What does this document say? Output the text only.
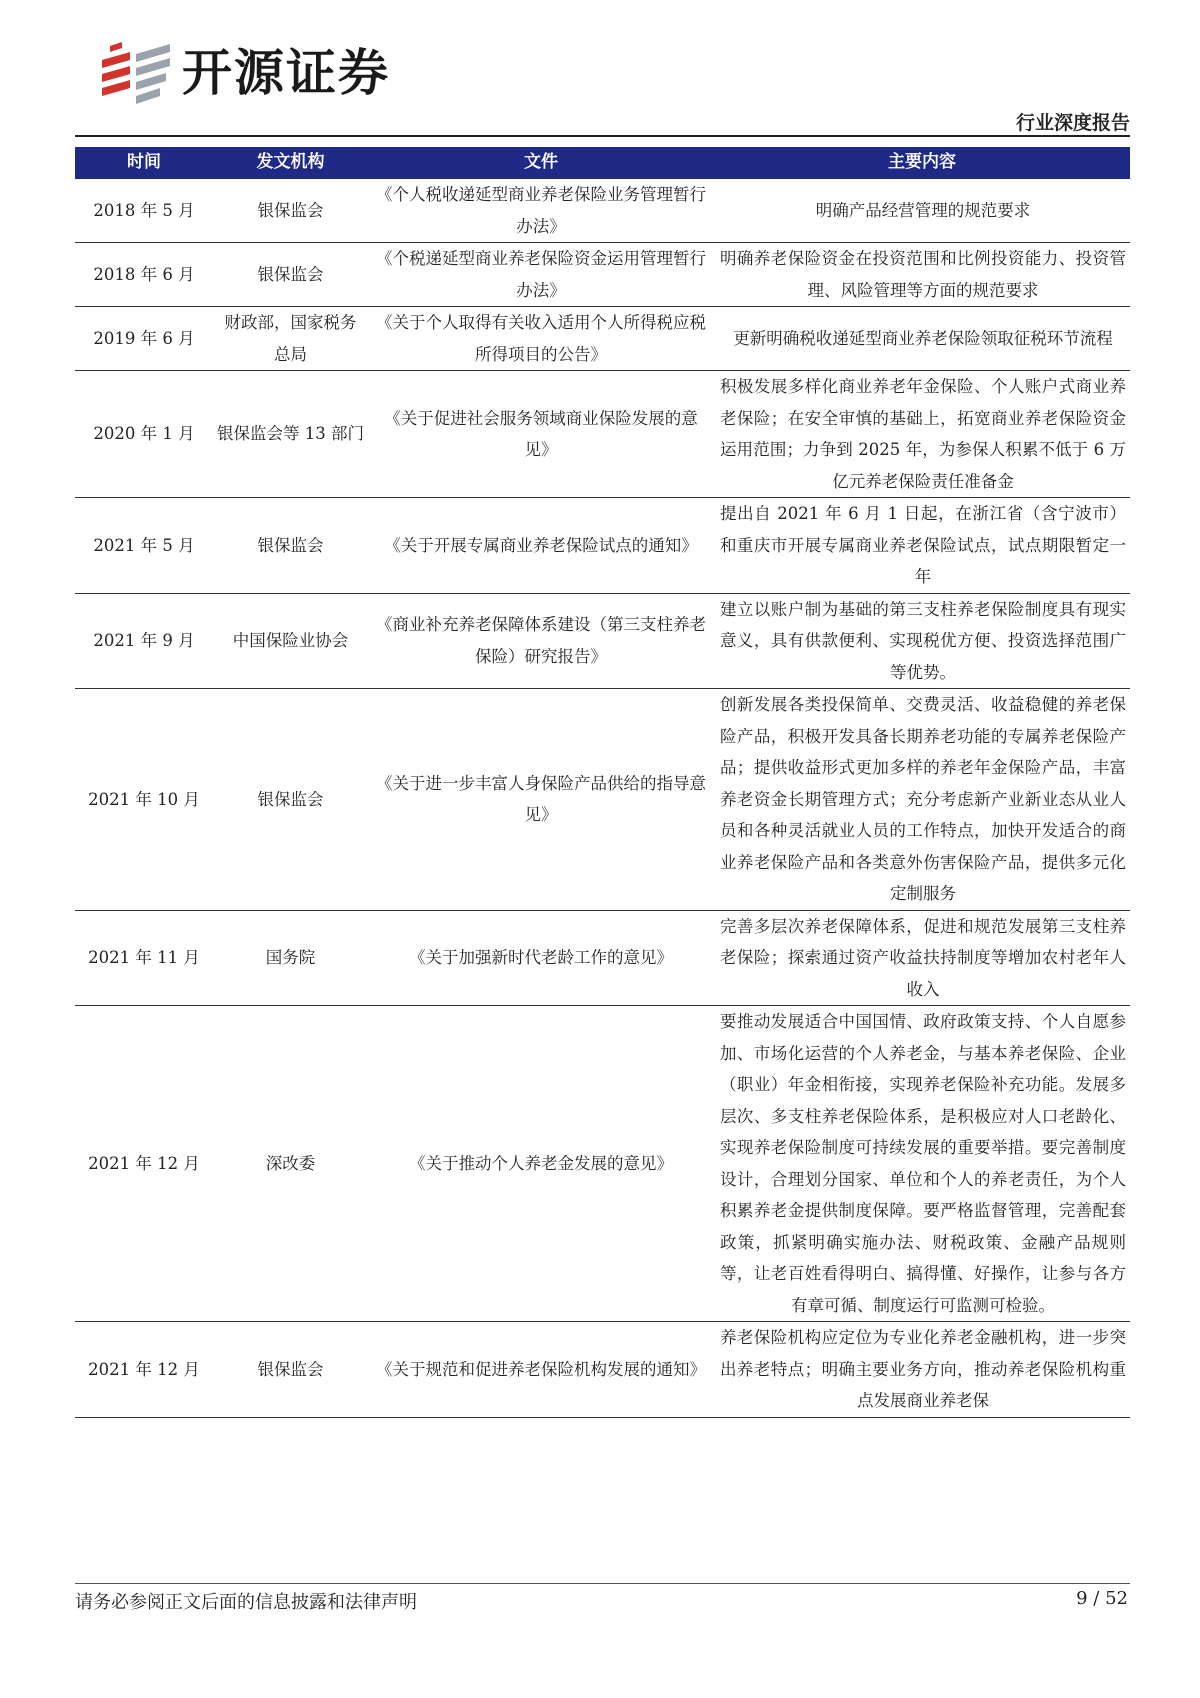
开源证券
行业深度报告
时间	发文机构	文件	主要内容
2018 年 5 月	银保监会	《个人税收递延型商业养老保险业务管理暂行办法》	明确产品经营管理的规范要求
2018 年 6 月	银保监会	《个税递延型商业养老保险资金运用管理暂行办法》	明确养老保险资金在投资范围和比例投资能力、投资管理、风险管理等方面的规范要求
2019 年 6 月	财政部，国家税务总局	《关于个人取得有关收入适用个人所得税应税所得项目的公告》	更新明确税收递延型商业养老保险领取征税环节流程
2020 年 1 月	银保监会等 13 部门	《关于促进社会服务领域商业保险发展的意见》	积极发展多样化商业养老年金保险、个人账户式商业养老保险；在安全审慎的基础上，拓宽商业养老保险资金运用范围；力争到 2025 年，为参保人积累不低于 6 万亿元养老保险责任准备金
2021 年 5 月	银保监会	《关于开展专属商业养老保险试点的通知》	提出自 2021 年 6 月 1 日起，在浙江省（含宁波市）和重庆市开展专属商业养老保险试点，试点期限暂定一年
2021 年 9 月	中国保险业协会	《商业补充养老保障体系建设（第三支柱养老保险）研究报告》	建立以账户制为基础的第三支柱养老保险制度具有现实意义，具有供款便利、实现税优方便、投资选择范围广等优势。
2021 年 10 月	银保监会	《关于进一步丰富人身保险产品供给的指导意见》	创新发展各类投保简单、交费灵活、收益稳健的养老保险产品，积极开发具备长期养老功能的专属养老保险产品；提供收益形式更加多样的养老年金保险产品，丰富养老资金长期管理方式；充分考虑新产业新业态从业人员和各种灵活就业人员的工作特点，加快开发适合的商业养老保险产品和各类意外伤害保险产品，提供多元化定制服务
2021 年 11 月	国务院	《关于加强新时代老龄工作的意见》	完善多层次养老保障体系，促进和规范发展第三支柱养老保险；探索通过资产收益扶持制度等增加农村老年人收入
2021 年 12 月	深改委	《关于推动个人养老金发展的意见》	要推动发展适合中国国情、政府政策支持、个人自愿参加、市场化运营的个人养老金，与基本养老保险、企业（职业）年金相衔接，实现养老保险补充功能。发展多层次、多支柱养老保险体系，是积极应对人口老龄化、实现养老保险制度可持续发展的重要举措。要完善制度设计，合理划分国家、单位和个人的养老责任，为个人积累养老金提供制度保障。要严格监督管理，完善配套政策，抓紧明确实施办法、财税政策、金融产品规则等，让老百姓看得明白、搞得懂、好操作，让参与各方有章可循、制度运行可监测可检验。
2021 年 12 月	银保监会	《关于规范和促进养老保险机构发展的通知》	养老保险机构应定位为专业化养老金融机构，进一步突出养老特点；明确主要业务方向，推动养老保险机构重点发展商业养老保
请务必参阅正文后面的信息披露和法律声明	9 / 52
